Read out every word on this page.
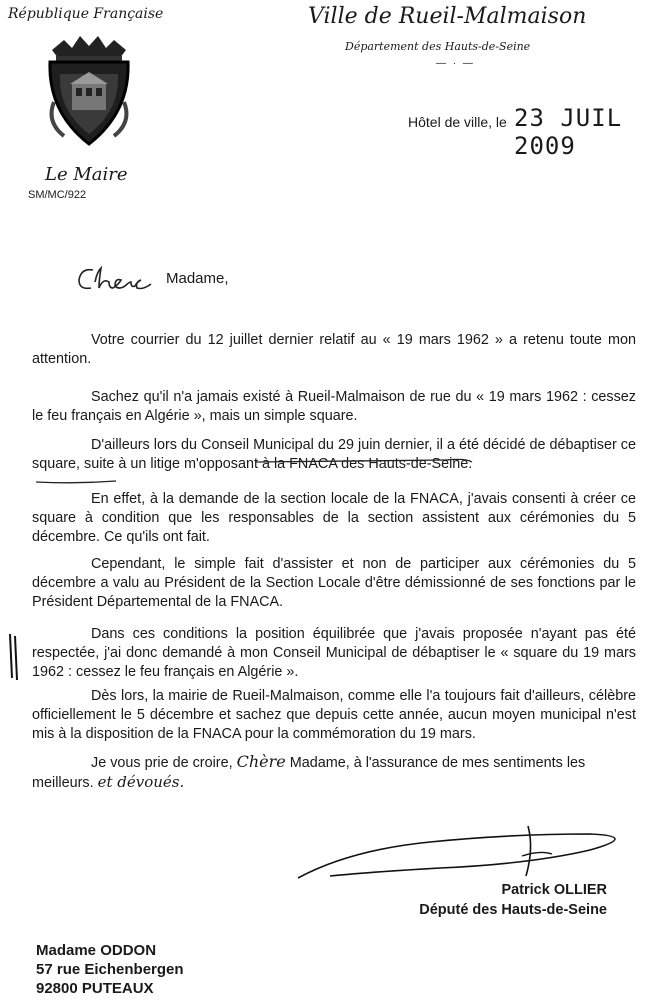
République Française	Ville de Rueil-Malmaison
Département des Hauts-de-Seine
— · —
Le Maire
SM/MC/922
Hôtel de ville, le 23 JUIL 2009
Madame,
Votre courrier du 12 juillet dernier relatif au « 19 mars 1962 » a retenu toute mon attention.
Sachez qu'il n'a jamais existé à Rueil-Malmaison de rue du « 19 mars 1962 : cessez le feu français en Algérie », mais un simple square.
D'ailleurs lors du Conseil Municipal du 29 juin dernier, il a été décidé de débaptiser ce square, suite à un litige m'opposant à la FNACA des Hauts-de-Seine.
En effet, à la demande de la section locale de la FNACA, j'avais consenti à créer ce square à condition que les responsables de la section assistent aux cérémonies du 5 décembre. Ce qu'ils ont fait.
Cependant, le simple fait d'assister et non de participer aux cérémonies du 5 décembre a valu au Président de la Section Locale d'être démissionné de ses fonctions par le Président Départemental de la FNACA.
Dans ces conditions la position équilibrée que j'avais proposée n'ayant pas été respectée, j'ai donc demandé à mon Conseil Municipal de débaptiser le « square du 19 mars 1962 : cessez le feu français en Algérie ».
Dès lors, la mairie de Rueil-Malmaison, comme elle l'a toujours fait d'ailleurs, célèbre officiellement le 5 décembre et sachez que depuis cette année, aucun moyen municipal n'est mis à la disposition de la FNACA pour la commémoration du 19 mars.
Je vous prie de croire, Chère Madame, à l'assurance de mes sentiments les
meilleurs. et dévoués.
Patrick OLLIER
Député des Hauts-de-Seine
Madame ODDON
57 rue Eichenbergen
92800 PUTEAUX
